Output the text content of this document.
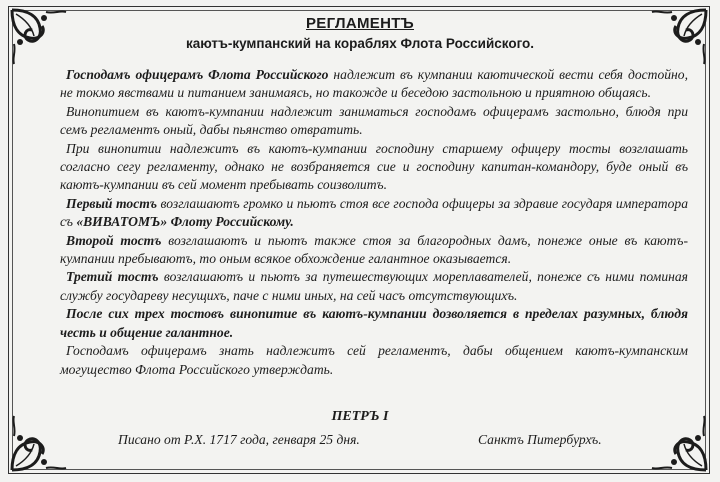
РЕГЛАМЕНТЪ
каютъ-кумпанский на кораблях Флота Российского.

Господамъ офицерамъ Флота Российского надлежит въ кумпании каютической вести себя достойно, не токмо явствами и питанием занимаясь, но такожде и беседою застольною и приятною общаясь.

Винопитием въ каютъ-кумпании надлежит заниматься господамъ офицерамъ застольно, блюдя при семъ регламентъ оный, дабы пьянство отвратить.

При винопитии надлежитъ въ каютъ-кумпании господину старшему офицеру тосты возглашать согласно сегу регламенту, однако не возбраняется сие и господину капитан-командору, буде оный въ каютъ-кумпании въ сей момент пребывать соизволитъ.

Первый тостъ возглашаютъ громко и пьютъ стоя все господа офицеры за здравие государя императора съ «ВИВАТОМЪ» Флоту Российскому.

Второй тостъ возглашаютъ и пьютъ также стоя за благородных дамъ, понеже оные въ каютъ-кумпании пребываютъ, то оным всякое обхождение галантное оказывается.

Третий тостъ возглашаютъ и пьютъ за путешествующих мореплавателей, понеже съ ними поминая службу государеву несущихъ, паче с ними иных, на сей часъ отсутствующихъ.

После сих трех тостовъ винопитие въ каютъ-кумпании дозволяется в пределах разумных, блюдя честь и общение галантное.

Господамъ офицерамъ знать надлежитъ сей регламентъ, дабы общением каютъ-кумпанским могущество Флота Российского утверждать.

ПЕТРЪ I
Писано от Р.Х. 1717 года, генваря 25 дня.	Санктъ Питербурхъ.
